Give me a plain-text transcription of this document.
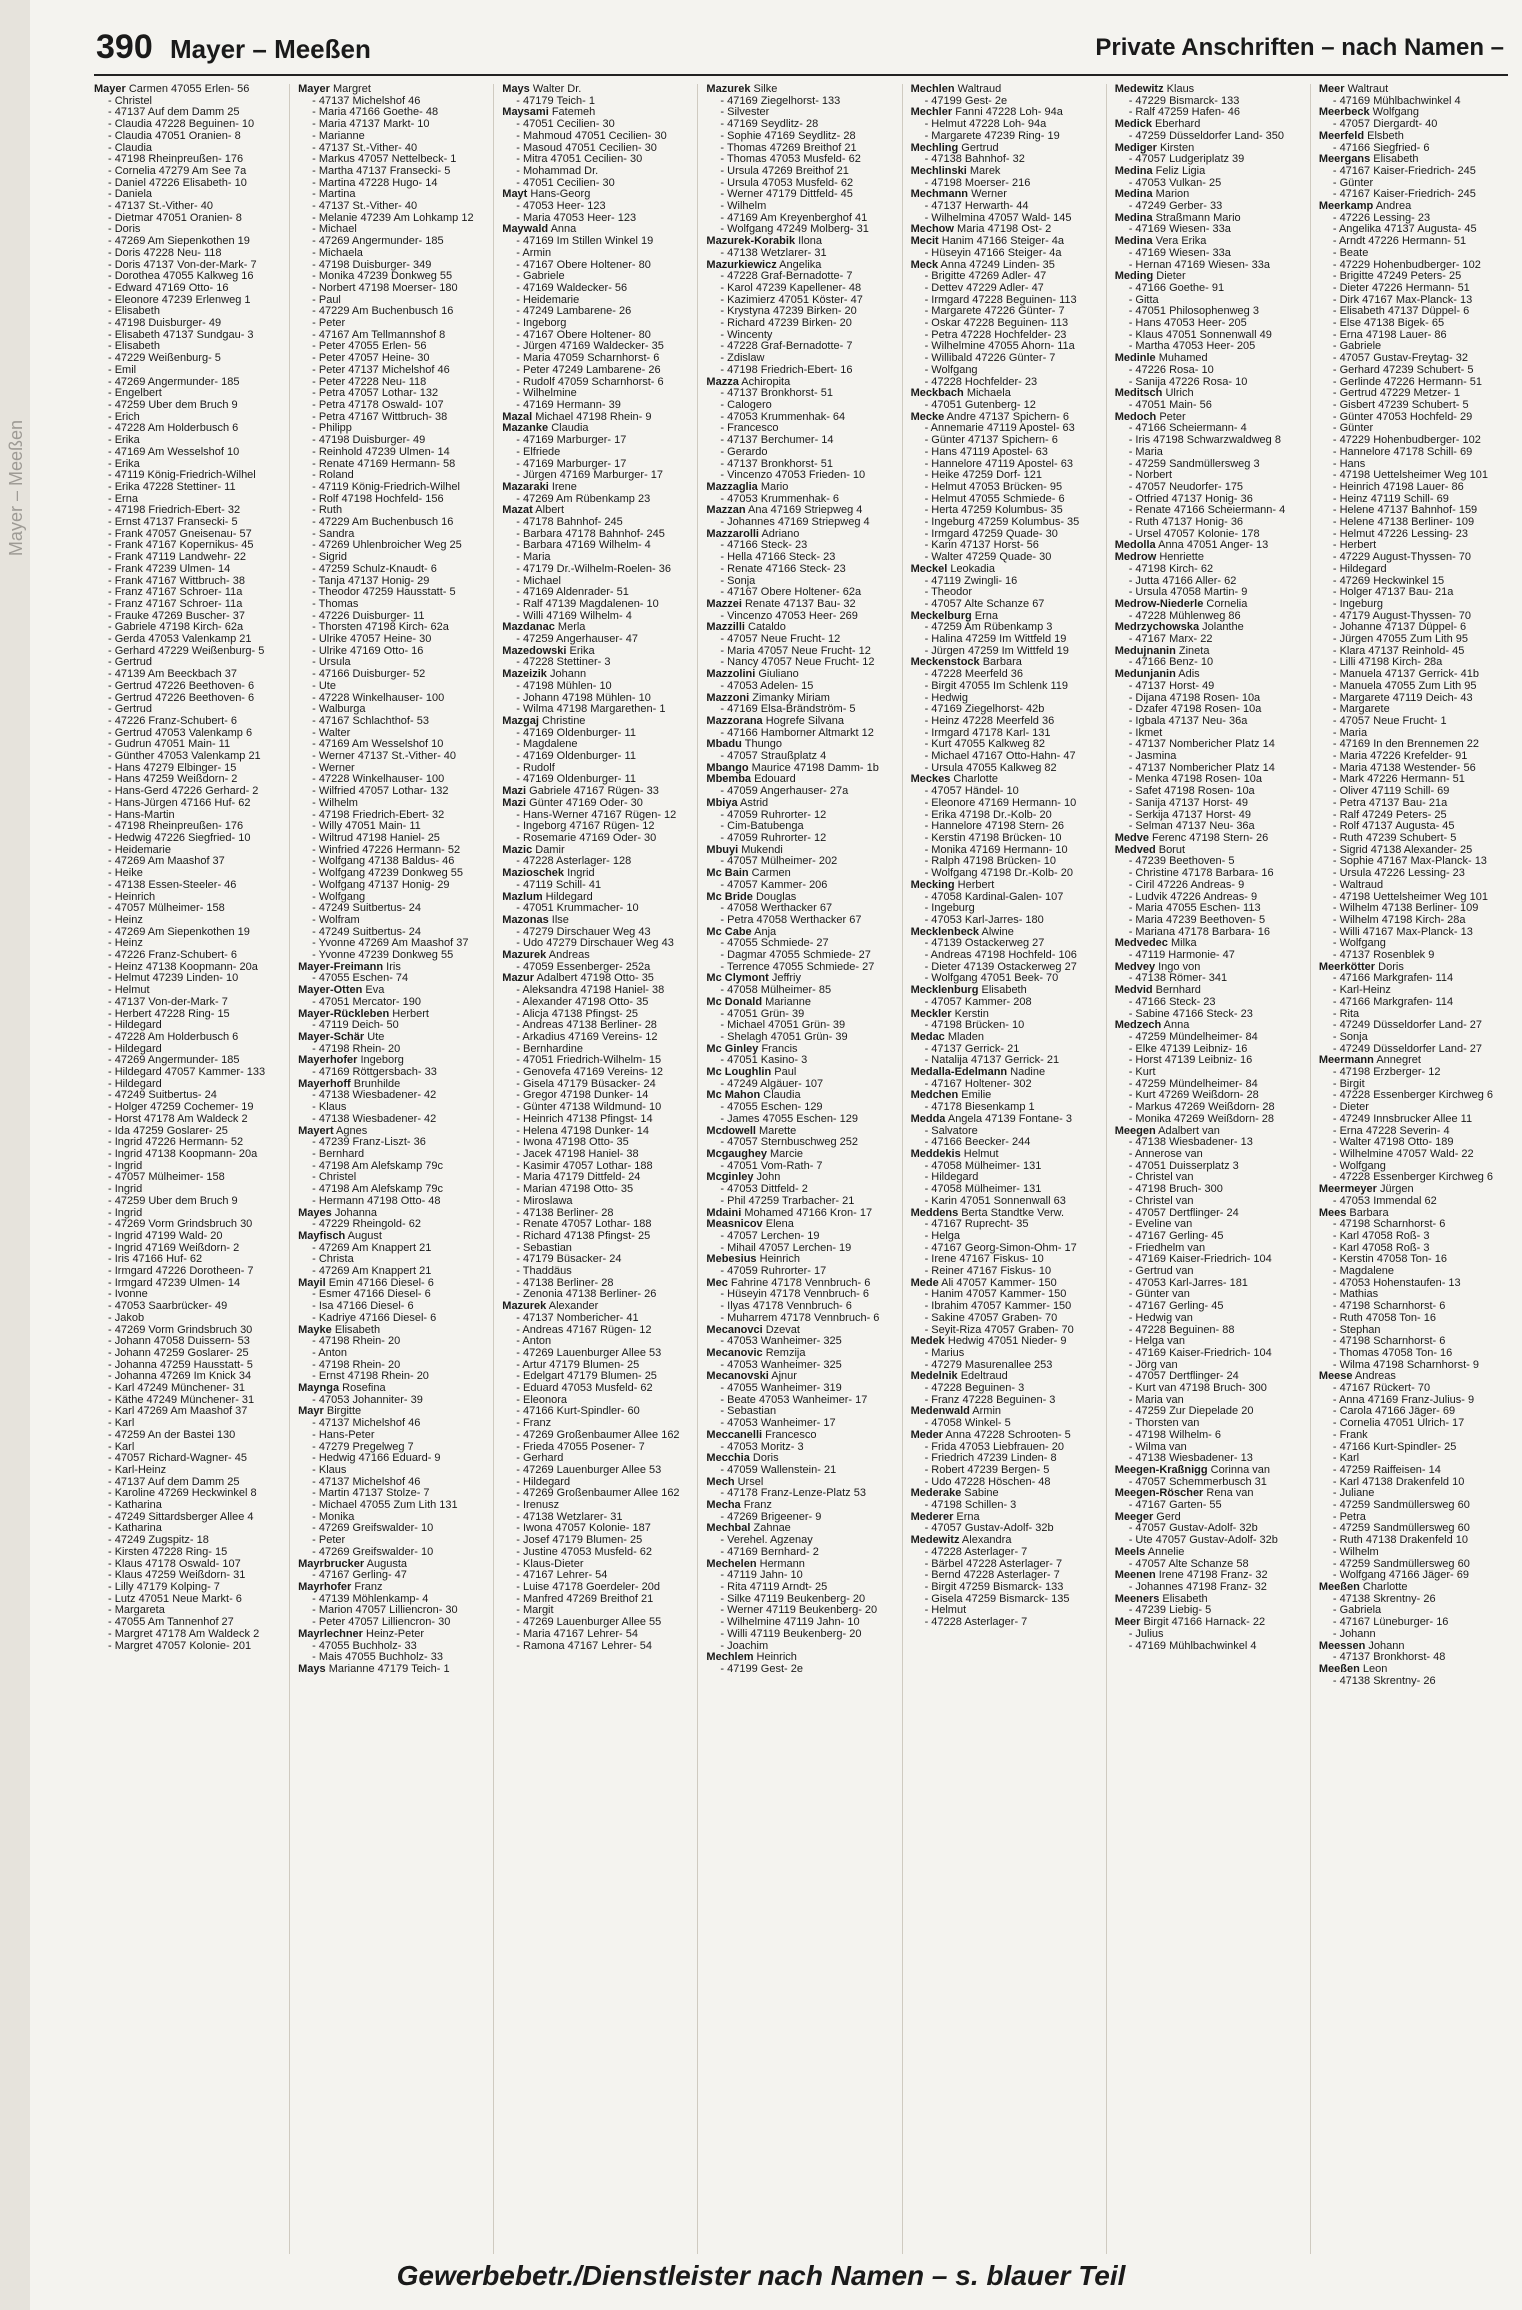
Mayer – Meeßen
390 Mayer – Meeßen	Private Anschriften – nach Namen –
Mayer Carmen 47055 Erlen- 56
- Christel
- 47137 Auf dem Damm 25
- Claudia 47228 Beguinen- 10
- Claudia 47051 Oranien- 8
- Claudia
- 47198 Rheinpreußen- 176
- Cornelia 47279 Am See 7a
- Daniel 47226 Elisabeth- 10
- Daniela
- 47137 St.-Vither- 40
- Dietmar 47051 Oranien- 8
- Doris
- 47269 Am Siepenkothen 19
- Doris 47228 Neu- 118
- Doris 47137 Von-der-Mark- 7
- Dorothea 47055 Kalkweg 16
- Edward 47169 Otto- 16
- Eleonore 47239 Erlenweg 1
- Elisabeth
- 47198 Duisburger- 49
- Elisabeth 47137 Sundgau- 3
- Elisabeth
- 47229 Weißenburg- 5
- Emil
- 47269 Angermunder- 185
- Engelbert
- 47259 Über dem Bruch 9
- Erich
- 47228 Am Holderbusch 6
- Erika
- 47169 Am Wesselshof 10
- Erika
- 47119 König-Friedrich-Wilhel
- Erika 47228 Stettiner- 11
- Erna
- 47198 Friedrich-Ebert- 32
- Ernst 47137 Fransecki- 5
- Frank 47057 Gneisenau- 57
- Frank 47167 Kopernikus- 45
- Frank 47119 Landwehr- 22
- Frank 47239 Ulmen- 14
- Frank 47167 Wittbruch- 38
- Franz 47167 Schroer- 11a
- Franz 47167 Schroer- 11a
- Frauke 47269 Buscher- 37
- Gabriele 47198 Kirch- 62a
- Gerda 47053 Valenkamp 21
- Gerhard 47229 Weißenburg- 5
- Gertrud
- 47139 Am Beeckbach 37
- Gertrud 47226 Beethoven- 6
- Gertrud 47226 Beethoven- 6
- Gertrud
- 47226 Franz-Schubert- 6
- Gertrud 47053 Valenkamp 6
- Gudrun 47051 Main- 11
- Günther 47053 Valenkamp 21
- Hans 47279 Elbinger- 15
- Hans 47259 Weißdorn- 2
- Hans-Gerd 47226 Gerhard- 2
- Hans-Jürgen 47166 Huf- 62
- Hans-Martin
- 47198 Rheinpreußen- 176
- Hedwig 47226 Siegfried- 10
- Heidemarie
- 47269 Am Maashof 37
- Heike
- 47138 Essen-Steeler- 46
- Heinrich
- 47057 Mülheimer- 158
- Heinz
- 47269 Am Siepenkothen 19
- Heinz
- 47226 Franz-Schubert- 6
- Heinz 47138 Koopmann- 20a
- Helmut 47239 Linden- 10
- Helmut
- 47137 Von-der-Mark- 7
- Herbert 47228 Ring- 15
- Hildegard
- 47228 Am Holderbusch 6
- Hildegard
- 47269 Angermunder- 185
- Hildegard 47057 Kammer- 133
- Hildegard
- 47249 Suitbertus- 24
- Holger 47259 Cochemer- 19
- Horst 47178 Am Waldeck 2
- Ida 47259 Goslarer- 25
- Ingrid 47226 Hermann- 52
- Ingrid 47138 Koopmann- 20a
- Ingrid
- 47057 Mülheimer- 158
- Ingrid
- 47259 Über dem Bruch 9
- Ingrid
- 47269 Vorm Grindsbruch 30
- Ingrid 47199 Wald- 20
- Ingrid 47169 Weißdorn- 2
- Iris 47166 Huf- 62
- Irmgard 47226 Dorotheen- 7
- Irmgard 47239 Ulmen- 14
- Ivonne
- 47053 Saarbrücker- 49
- Jakob
- 47269 Vorm Grindsbruch 30
- Johann 47058 Duissern- 53
- Johann 47259 Goslarer- 25
- Johanna 47259 Hausstatt- 5
- Johanna 47269 Im Knick 34
- Karl 47249 Münchener- 31
- Käthe 47249 Münchener- 31
- Karl 47269 Am Maashof 37
- Karl
- 47259 An der Bastei 130
- Karl
- 47057 Richard-Wagner- 45
- Karl-Heinz
- 47137 Auf dem Damm 25
- Karoline 47269 Heckwinkel 8
- Katharina
- 47249 Sittardsberger Allee 4
- Katharina
- 47249 Zugspitz- 18
- Kirsten 47228 Ring- 15
- Klaus 47178 Oswald- 107
- Klaus 47259 Weißdorn- 31
- Lilly 47179 Kolping- 7
- Lutz 47051 Neue Markt- 6
- Margareta
- 47055 Am Tannenhof 27
- Margret 47178 Am Waldeck 2
- Margret 47057 Kolonie- 201
Mayer Margret
- 47137 Michelshof 46
- Maria 47166 Goethe- 48
- Maria 47137 Markt- 10
- Marianne
- 47137 St.-Vither- 40
- Markus 47057 Nettelbeck- 1
- Martha 47137 Fransecki- 5
- Martina 47228 Hugo- 14
- Martina
- 47137 St.-Vither- 40
- Melanie 47239 Am Lohkamp 12
- Michael
- 47269 Angermunder- 185
- Michaela
- 47198 Duisburger- 349
- Monika 47239 Donkweg 55
- Norbert 47198 Moerser- 180
- Paul
- 47229 Am Buchenbusch 16
- Peter
- 47167 Am Tellmannshof 8
- Peter 47055 Erlen- 56
- Peter 47057 Heine- 30
- Peter 47137 Michelshof 46
- Peter 47228 Neu- 118
- Petra 47057 Lothar- 132
- Petra 47178 Oswald- 107
- Petra 47167 Wittbruch- 38
- Philipp
- 47198 Duisburger- 49
- Reinhold 47239 Ulmen- 14
- Renate 47169 Hermann- 58
- Roland
- 47119 König-Friedrich-Wilhel
- Rolf 47198 Hochfeld- 156
- Ruth
- 47229 Am Buchenbusch 16
- Sandra
- 47269 Uhlenbroicher Weg 25
- Sigrid
- 47259 Schulz-Knaudt- 6
- Tanja 47137 Honig- 29
- Theodor 47259 Hausstatt- 5
- Thomas
- 47226 Duisburger- 11
- Thorsten 47198 Kirch- 62a
- Ulrike 47057 Heine- 30
- Ulrike 47169 Otto- 16
- Ursula
- 47166 Duisburger- 52
- Ute
- 47228 Winkelhauser- 100
- Walburga
- 47167 Schlachthof- 53
- Walter
- 47169 Am Wesselshof 10
- Werner 47137 St.-Vither- 40
- Werner
- 47228 Winkelhauser- 100
- Wilfried 47057 Lothar- 132
- Wilhelm
- 47198 Friedrich-Ebert- 32
- Willy 47051 Main- 11
- Wiltrud 47198 Haniel- 25
- Winfried 47226 Hermann- 52
- Wolfgang 47138 Baldus- 46
- Wolfgang 47239 Donkweg 55
- Wolfgang 47137 Honig- 29
- Wolfgang
- 47249 Suitbertus- 24
- Wolfram
- 47249 Suitbertus- 24
- Yvonne 47269 Am Maashof 37
- Yvonne 47239 Donkweg 55
Mayer-Freimann Iris
- 47055 Eschen- 74
Mayer-Otten Eva
- 47051 Mercator- 190
Mayer-Rückleben Herbert
- 47119 Deich- 50
Mayer-Schär Ute
- 47198 Rhein- 20
Mayerhofer Ingeborg
- 47169 Röttgersbach- 33
Mayerhoff Brunhilde
- 47138 Wiesbadener- 42
- Klaus
- 47138 Wiesbadener- 42
Mayert Agnes
- 47239 Franz-Liszt- 36
- Bernhard
- 47198 Am Alefskamp 79c
- Christel
- 47198 Am Alefskamp 79c
- Hermann 47198 Otto- 48
Mayes Johanna
- 47229 Rheingold- 62
Mayfisch August
- 47269 Am Knappert 21
- Christa
- 47269 Am Knappert 21
Mayil Emin 47166 Diesel- 6
- Esmer 47166 Diesel- 6
- Isa 47166 Diesel- 6
- Kadriye 47166 Diesel- 6
Mayke Elisabeth
- 47198 Rhein- 20
- Anton
- 47198 Rhein- 20
- Ernst 47198 Rhein- 20
Maynga Rosefina
- 47053 Johanniter- 39
Mayr Birgitte
- 47137 Michelshof 46
- Hans-Peter
- 47279 Pregelweg 7
- Hedwig 47166 Eduard- 9
- Klaus
- 47137 Michelshof 46
- Martin 47137 Stolze- 7
- Michael 47055 Zum Lith 131
- Monika
- 47269 Greifswalder- 10
- Peter
- 47269 Greifswalder- 10
Mayrbrucker Augusta
- 47167 Gerling- 47
Mayrhofer Franz
- 47139 Möhlenkamp- 4
- Marion 47057 Lilliencron- 30
- Peter 47057 Lilliencron- 30
Mayrlechner Heinz-Peter
- 47055 Buchholz- 33
- Mais 47055 Buchholz- 33
Mays Marianne 47179 Teich- 1
Mays Walter Dr.
- 47179 Teich- 1
Maysami Fatemeh
- 47051 Cecilien- 30
- Mahmoud 47051 Cecilien- 30
- Masoud 47051 Cecilien- 30
- Mitra 47051 Cecilien- 30
- Mohammad Dr.
- 47051 Cecilien- 30
Mayt Hans-Georg
- 47053 Heer- 123
- Maria 47053 Heer- 123
Maywald Anna
- 47169 Im Stillen Winkel 19
- Armin
- 47167 Obere Holtener- 80
- Gabriele
- 47169 Waldecker- 56
- Heidemarie
- 47249 Lambarene- 26
- Ingeborg
- 47167 Obere Holtener- 80
- Jürgen 47169 Waldecker- 35
- Maria 47059 Scharnhorst- 6
- Peter 47249 Lambarene- 26
- Rudolf 47059 Scharnhorst- 6
- Wilhelmine
- 47169 Hermann- 39
Mazal Michael 47198 Rhein- 9
Mazanke Claudia
- 47169 Marburger- 17
- Elfriede
- 47169 Marburger- 17
- Jürgen 47169 Marburger- 17
Mazaraki Irene
- 47269 Am Rübenkamp 23
Mazat Albert
- 47178 Bahnhof- 245
- Barbara 47178 Bahnhof- 245
- Barbara 47169 Wilhelm- 4
- Maria
- 47179 Dr.-Wilhelm-Roelen- 36
- Michael
- 47169 Aldenrader- 51
- Ralf 47139 Magdalenen- 10
- Willi 47169 Wilhelm- 4
Mazdanac Merla
- 47259 Angerhauser- 47
Mazedowski Erika
- 47228 Stettiner- 3
Mazeizik Johann
- 47198 Mühlen- 10
- Johann 47198 Mühlen- 10
- Wilma 47198 Margarethen- 1
Mazgaj Christine
- 47169 Oldenburger- 11
- Magdalene
- 47169 Oldenburger- 11
- Rudolf
- 47169 Oldenburger- 11
Mazi Gabriele 47167 Rügen- 33
Mazi Günter 47169 Oder- 30
- Hans-Werner 47167 Rügen- 12
- Ingeborg 47167 Rügen- 12
- Rosemarie 47169 Oder- 30
Mazic Damir
- 47228 Asterlager- 128
Mazioschek Ingrid
- 47119 Schill- 41
Mazlum Hildegard
- 47051 Krummacher- 10
Mazonas Ilse
- 47279 Dirschauer Weg 43
- Udo 47279 Dirschauer Weg 43
Mazurek Andreas
- 47059 Essenberger- 252a
Mazur Adalbert 47198 Otto- 35
- Aleksandra 47198 Haniel- 38
- Alexander 47198 Otto- 35
- Alicja 47138 Pfingst- 25
- Andreas 47138 Berliner- 28
- Arkadius 47169 Vereins- 12
- Bernhardine
- 47051 Friedrich-Wilhelm- 15
- Genovefa 47169 Vereins- 12
- Gisela 47179 Büsacker- 24
- Gregor 47198 Dunker- 14
- Günter 47138 Wildmund- 10
- Heinrich 47138 Pfingst- 14
- Helena 47198 Dunker- 14
- Iwona 47198 Otto- 35
- Jacek 47198 Haniel- 38
- Kasimir 47057 Lothar- 188
- Maria 47179 Dittfeld- 24
- Marian 47198 Otto- 35
- Miroslawa
- 47138 Berliner- 28
- Renate 47057 Lothar- 188
- Richard 47138 Pfingst- 25
- Sebastian
- 47179 Büsacker- 24
- Thaddäus
- 47138 Berliner- 28
- Zenonia 47138 Berliner- 26
Mazurek Alexander
- 47137 Nombericher- 41
- Andreas 47167 Rügen- 12
- Anton
- 47269 Lauenburger Allee 53
- Artur 47179 Blumen- 25
- Edelgart 47179 Blumen- 25
- Eduard 47053 Musfeld- 62
- Eleonora
- 47166 Kurt-Spindler- 60
- Franz
- 47269 Großenbaumer Allee 162
- Frieda 47055 Posener- 7
- Gerhard
- 47269 Lauenburger Allee 53
- Hildegard
- 47269 Großenbaumer Allee 162
- Irenusz
- 47138 Wetzlarer- 31
- Iwona 47057 Kolonie- 187
- Josef 47179 Blumen- 25
- Justine 47053 Musfeld- 62
- Klaus-Dieter
- 47167 Lehrer- 54
- Luise 47178 Goerdeler- 20d
- Manfred 47269 Breithof 21
- Margit
- 47269 Lauenburger Allee 55
- Maria 47167 Lehrer- 54
- Ramona 47167 Lehrer- 54
Mazurek Silke
- 47169 Ziegelhorst- 133
- Silvester
- 47169 Seydlitz- 28
- Sophie 47169 Seydlitz- 28
- Thomas 47269 Breithof 21
- Thomas 47053 Musfeld- 62
- Ursula 47269 Breithof 21
- Ursula 47053 Musfeld- 62
- Werner 47179 Dittfeld- 45
- Wilhelm
- 47169 Am Kreyenberghof 41
- Wolfgang 47249 Molberg- 31
Mazurek-Korabik Ilona
- 47138 Wetzlarer- 31
Mazurkiewicz Angelika
- 47228 Graf-Bernadotte- 7
- Karol 47239 Kapellener- 48
- Kazimierz 47051 Köster- 47
- Krystyna 47239 Birken- 20
- Richard 47239 Birken- 20
- Wincenty
- 47228 Graf-Bernadotte- 7
- Zdislaw
- 47198 Friedrich-Ebert- 16
Mazza Achiropita
- 47137 Bronkhorst- 51
- Calogero
- 47053 Krummenhak- 64
- Francesco
- 47137 Berchumer- 14
- Gerardo
- 47137 Bronkhorst- 51
- Vincenzo 47053 Frieden- 10
Mazzaglia Mario
- 47053 Krummenhak- 6
Mazzan Ana 47169 Striepweg 4
- Johannes 47169 Striepweg 4
Mazzarolli Adriano
- 47166 Steck- 23
- Hella 47166 Steck- 23
- Renate 47166 Steck- 23
- Sonja
- 47167 Obere Holtener- 62a
Mazzei Renate 47137 Bau- 32
- Vincenzo 47053 Heer- 269
Mazzilli Cataldo
- 47057 Neue Frucht- 12
- Maria 47057 Neue Frucht- 12
- Nancy 47057 Neue Frucht- 12
Mazzolini Giuliano
- 47053 Adelen- 15
Mazzoni Zimanky Miriam
- 47169 Elsa-Brändström- 5
Mazzorana Hogrefe Silvana
- 47166 Hamborner Altmarkt 12
Mbadu Thungo
- 47057 Straußplatz 4
Mbango Maurice 47198 Damm- 1b
Mbemba Edouard
- 47059 Angerhauser- 27a
Mbiya Astrid
- 47059 Ruhrorter- 12
- Cim-Batubenga
- 47059 Ruhrorter- 12
Mbuyi Mukendi
- 47057 Mülheimer- 202
Mc Bain Carmen
- 47057 Kammer- 206
Mc Bride Douglas
- 47058 Werthacker 67
- Petra 47058 Werthacker 67
Mc Cabe Anja
- 47055 Schmiede- 27
- Dagmar 47055 Schmiede- 27
- Terrence 47055 Schmiede- 27
Mc Clymont Jeffriy
- 47058 Mülheimer- 85
Mc Donald Marianne
- 47051 Grün- 39
- Michael 47051 Grün- 39
- Shelagh 47051 Grün- 39
Mc Ginley Francis
- 47051 Kasino- 3
Mc Loughlin Paul
- 47249 Algäuer- 107
Mc Mahon Claudia
- 47055 Eschen- 129
- James 47055 Eschen- 129
Mcdowell Marette
- 47057 Sternbuschweg 252
Mcgaughey Marcie
- 47051 Vom-Rath- 7
Mcginley John
- 47053 Dittfeld- 2
- Phil 47259 Trarbacher- 21
Mdaini Mohamed 47166 Kron- 17
Measnicov Elena
- 47057 Lerchen- 19
- Mihail 47057 Lerchen- 19
Mebesius Heinrich
- 47059 Ruhrorter- 17
Mec Fahrine 47178 Vennbruch- 6
- Hüseyin 47178 Vennbruch- 6
- Ilyas 47178 Vennbruch- 6
- Muharrem 47178 Vennbruch- 6
Mecanovci Dzevat
- 47053 Wanheimer- 325
Mecanovic Remzija
- 47053 Wanheimer- 325
Mecanovski Ajnur
- 47055 Wanheimer- 319
- Beate 47053 Wanheimer- 17
- Sebastian
- 47053 Wanheimer- 17
Meccanelli Francesco
- 47053 Moritz- 3
Mecchia Doris
- 47059 Wallenstein- 21
Mech Ursel
- 47178 Franz-Lenze-Platz 53
Mecha Franz
- 47269 Brigeener- 9
Mechbal Zahnae
- Verehel. Agzenay
- 47169 Bernhard- 2
Mechelen Hermann
- 47119 Jahn- 10
- Rita 47119 Arndt- 25
- Silke 47119 Beukenberg- 20
- Werner 47119 Beukenberg- 20
- Wilhelmine 47119 Jahn- 10
- Willi 47119 Beukenberg- 20
- Joachim
Mechlem Heinrich
- 47199 Gest- 2e
Mechlen Waltraud
- 47199 Gest- 2e
Mechler Fanni 47228 Loh- 94a
- Helmut 47228 Loh- 94a
- Margarete 47239 Ring- 19
Mechling Gertrud
- 47138 Bahnhof- 32
Mechlinski Marek
- 47198 Moerser- 216
Mechmann Werner
- 47137 Herwarth- 44
- Wilhelmina 47057 Wald- 145
Mechow Maria 47198 Ost- 2
Mecit Hanim 47166 Steiger- 4a
- Hüseyin 47166 Steiger- 4a
Meck Anna 47249 Linden- 35
- Brigitte 47269 Adler- 47
- Dettev 47229 Adler- 47
- Irmgard 47228 Beguinen- 113
- Margarete 47226 Günter- 7
- Oskar 47228 Beguinen- 113
- Petra 47228 Hochfelder- 23
- Wilhelmine 47055 Ahorn- 11a
- Willibald 47226 Günter- 7
- Wolfgang
- 47228 Hochfelder- 23
Meckbach Michaela
- 47051 Gutenberg- 12
Mecke Andre 47137 Spichern- 6
- Annemarie 47119 Apostel- 63
- Günter 47137 Spichern- 6
- Hans 47119 Apostel- 63
- Hannelore 47119 Apostel- 63
- Heike 47259 Dorf- 121
- Helmut 47053 Brücken- 95
- Helmut 47055 Schmiede- 6
- Herta 47259 Kolumbus- 35
- Ingeburg 47259 Kolumbus- 35
- Irmgard 47259 Quade- 30
- Karin 47137 Horst- 56
- Walter 47259 Quade- 30
Meckel Leokadia
- 47119 Zwingli- 16
- Theodor
- 47057 Alte Schanze 67
Meckelburg Erna
- 47259 Am Rübenkamp 3
- Halina 47259 Im Wittfeld 19
- Jürgen 47259 Im Wittfeld 19
Meckenstock Barbara
- 47228 Meerfeld 36
- Birgit 47055 Im Schlenk 119
- Hedwig
- 47169 Ziegelhorst- 42b
- Heinz 47228 Meerfeld 36
- Irmgard 47178 Karl- 131
- Kurt 47055 Kalkweg 82
- Michael 47167 Otto-Hahn- 47
- Ursula 47055 Kalkweg 82
Meckes Charlotte
- 47057 Händel- 10
- Eleonore 47169 Hermann- 10
- Erika 47198 Dr.-Kolb- 20
- Hannelore 47198 Stern- 26
- Kerstin 47198 Brücken- 10
- Monika 47169 Hermann- 10
- Ralph 47198 Brücken- 10
- Wolfgang 47198 Dr.-Kolb- 20
Mecking Herbert
- 47058 Kardinal-Galen- 107
- Ingeburg
- 47053 Karl-Jarres- 180
Mecklenbeck Alwine
- 47139 Ostackerweg 27
- Andreas 47198 Hochfeld- 106
- Dieter 47139 Ostackerweg 27
- Wolfgang 47051 Beek- 70
Mecklenburg Elisabeth
- 47057 Kammer- 208
Meckler Kerstin
- 47198 Brücken- 10
Medac Mladen
- 47137 Gerrick- 21
- Natalija 47137 Gerrick- 21
Medalla-Edelmann Nadine
- 47167 Holtener- 302
Medchen Emilie
- 47178 Biesenkamp 1
Medda Angela 47139 Fontane- 3
- Salvatore
- 47166 Beecker- 244
Meddekis Helmut
- 47058 Mülheimer- 131
- Hildegard
- 47058 Mülheimer- 131
- Karin 47051 Sonnenwall 63
Meddens Berta Standtke Verw.
- 47167 Ruprecht- 35
- Helga
- 47167 Georg-Simon-Ohm- 17
- Irene 47167 Fiskus- 10
- Reiner 47167 Fiskus- 10
Mede Ali 47057 Kammer- 150
- Hanim 47057 Kammer- 150
- Ibrahim 47057 Kammer- 150
- Sakine 47057 Graben- 70
- Seyit-Riza 47057 Graben- 70
Medek Hedwig 47051 Nieder- 9
- Marius
- 47279 Masurenallee 253
Medelnik Edeltraud
- 47228 Beguinen- 3
- Franz 47228 Beguinen- 3
Medenwald Armin
- 47058 Winkel- 5
Meder Anna 47228 Schrooten- 5
- Frida 47053 Liebfrauen- 20
- Friedrich 47239 Linden- 8
- Robert 47239 Bergen- 5
- Udo 47228 Höschen- 48
Mederake Sabine
- 47198 Schillen- 3
Mederer Erna
- 47057 Gustav-Adolf- 32b
Medewitz Alexandra
- 47228 Asterlager- 7
- Bärbel 47228 Asterlager- 7
- Bernd 47228 Asterlager- 7
- Birgit 47259 Bismarck- 133
- Gisela 47259 Bismarck- 135
- Helmut
- 47228 Asterlager- 7
Medewitz Klaus
- 47229 Bismarck- 133
- Ralf 47259 Hafen- 46
Medick Eberhard
- 47259 Düsseldorfer Land- 350
Mediger Kirsten
- 47057 Ludgeriplatz 39
Medina Feliz Ligia
- 47053 Vulkan- 25
Medina Marion
- 47249 Gerber- 33
Medina Straßmann Mario
- 47169 Wiesen- 33a
Medina Vera Erika
- 47169 Wiesen- 33a
- Hernan 47169 Wiesen- 33a
Meding Dieter
- 47166 Goethe- 91
- Gitta
- 47051 Philosophenweg 3
- Hans 47053 Heer- 205
- Klaus 47051 Sonnenwall 49
- Martha 47053 Heer- 205
Medinle Muhamed
- 47226 Rosa- 10
- Sanija 47226 Rosa- 10
Meditsch Ulrich
- 47051 Main- 56
Medoch Peter
- 47166 Scheiermann- 4
- Iris 47198 Schwarzwaldweg 8
- Maria
- 47259 Sandmüllersweg 3
- Norbert
- 47057 Neudorfer- 175
- Otfried 47137 Honig- 36
- Renate 47166 Scheiermann- 4
- Ruth 47137 Honig- 36
- Ursel 47057 Kolonie- 178
Medolla Anna 47051 Anger- 13
Medrow Henriette
- 47198 Kirch- 62
- Jutta 47166 Aller- 62
- Ursula 47058 Martin- 9
Medrow-Niederle Cornelia
- 47228 Mühlenweg 86
Medrzychowska Jolanthe
- 47167 Marx- 22
Medujnanin Zineta
- 47166 Benz- 10
Medunjanin Adis
- 47137 Horst- 49
- Dijana 47198 Rosen- 10a
- Dzafer 47198 Rosen- 10a
- Igbala 47137 Neu- 36a
- Ikmet
- 47137 Nombericher Platz 14
- Jasmina
- 47137 Nombericher Platz 14
- Menka 47198 Rosen- 10a
- Safet 47198 Rosen- 10a
- Sanija 47137 Horst- 49
- Serkija 47137 Horst- 49
- Selman 47137 Neu- 36a
Medve Ferenc 47198 Stern- 26
Medved Borut
- 47239 Beethoven- 5
- Christine 47178 Barbara- 16
- Ciril 47226 Andreas- 9
- Ludvik 47226 Andreas- 9
- Maria 47055 Eschen- 113
- Maria 47239 Beethoven- 5
- Mariana 47178 Barbara- 16
Medvedec Milka
- 47119 Harmonie- 47
Medvey Ingo von
- 47138 Römer- 341
Medvid Bernhard
- 47166 Steck- 23
- Sabine 47166 Steck- 23
Medzech Anna
- 47259 Mündelheimer- 84
- Elke 47139 Leibniz- 16
- Horst 47139 Leibniz- 16
- Kurt
- 47259 Mündelheimer- 84
- Kurt 47269 Weißdorn- 28
- Markus 47269 Weißdorn- 28
- Monika 47269 Weißdorn- 28
Meegen Adalbert van
- 47138 Wiesbadener- 13
- Annerose van
- 47051 Duisserplatz 3
- Christel van
- 47198 Bruch- 300
- Christel van
- 47057 Dertflinger- 24
- Eveline van
- 47167 Gerling- 45
- Friedhelm van
- 47169 Kaiser-Friedrich- 104
- Gertrud van
- 47053 Karl-Jarres- 181
- Günter van
- 47167 Gerling- 45
- Hedwig van
- 47228 Beguinen- 88
- Helga van
- 47169 Kaiser-Friedrich- 104
- Jörg van
- 47057 Dertflinger- 24
- Kurt van 47198 Bruch- 300
- Maria van
- 47259 Zur Diepelade 20
- Thorsten van
- 47198 Wilhelm- 6
- Wilma van
- 47138 Wiesbadener- 13
Meegen-Kraßnigg Corinna van
- 47057 Schemmerbusch 31
Meegen-Röscher Rena van
- 47167 Garten- 55
Meeger Gerd
- 47057 Gustav-Adolf- 32b
- Ute 47057 Gustav-Adolf- 32b
Meels Annelie
- 47057 Alte Schanze 58
Meenen Irene 47198 Franz- 32
- Johannes 47198 Franz- 32
Meeners Elisabeth
- 47239 Liebig- 5
Meer Birgit 47166 Harnack- 22
- Julius
- 47169 Mühlbachwinkel 4
Meer Waltraut
- 47169 Mühlbachwinkel 4
Meerbeck Wolfgang
- 47057 Diergardt- 40
Meerfeld Elsbeth
- 47166 Siegfried- 6
Meergans Elisabeth
- 47167 Kaiser-Friedrich- 245
- Günter
- 47167 Kaiser-Friedrich- 245
Meerkamp Andrea
- 47226 Lessing- 23
- Angelika 47137 Augusta- 45
- Arndt 47226 Hermann- 51
- Beate
- 47229 Hohenbudberger- 102
- Brigitte 47249 Peters- 25
- Dieter 47226 Hermann- 51
- Dirk 47167 Max-Planck- 13
- Elisabeth 47137 Düppel- 6
- Else 47138 Bigek- 65
- Erna 47198 Lauer- 86
- Gabriele
- 47057 Gustav-Freytag- 32
- Gerhard 47239 Schubert- 5
- Gerlinde 47226 Hermann- 51
- Gertrud 47229 Metzer- 1
- Gisbert 47239 Schubert- 5
- Günter 47053 Hochfeld- 29
- Günter
- 47229 Hohenbudberger- 102
- Hannelore 47178 Schill- 69
- Hans
- 47198 Uettelsheimer Weg 101
- Heinrich 47198 Lauer- 86
- Heinz 47119 Schill- 69
- Helene 47137 Bahnhof- 159
- Helene 47138 Berliner- 109
- Helmut 47226 Lessing- 23
- Herbert
- 47229 August-Thyssen- 70
- Hildegard
- 47269 Heckwinkel 15
- Holger 47137 Bau- 21a
- Ingeburg
- 47179 August-Thyssen- 70
- Johanne 47137 Düppel- 6
- Jürgen 47055 Zum Lith 95
- Klara 47137 Reinhold- 45
- Lilli 47198 Kirch- 28a
- Manuela 47137 Gerrick- 41b
- Manuela 47055 Zum Lith 95
- Margarete 47119 Deich- 43
- Margarete
- 47057 Neue Frucht- 1
- Maria
- 47169 In den Brennemen 22
- Maria 47226 Krefelder- 91
- Maria 47138 Westender- 56
- Mark 47226 Hermann- 51
- Oliver 47119 Schill- 69
- Petra 47137 Bau- 21a
- Ralf 47249 Peters- 25
- Rolf 47137 Augusta- 45
- Ruth 47239 Schubert- 5
- Sigrid 47138 Alexander- 25
- Sophie 47167 Max-Planck- 13
- Ursula 47226 Lessing- 23
- Waltraud
- 47198 Uettelsheimer Weg 101
- Wilhelm 47138 Berliner- 109
- Wilhelm 47198 Kirch- 28a
- Willi 47167 Max-Planck- 13
- Wolfgang
- 47137 Rosenblek 9
Meerkötter Doris
- 47166 Markgrafen- 114
- Karl-Heinz
- 47166 Markgrafen- 114
- Rita
- 47249 Düsseldorfer Land- 27
- Sonja
- 47249 Düsseldorfer Land- 27
Meermann Annegret
- 47198 Erzberger- 12
- Birgit
- 47228 Essenberger Kirchweg 6
- Dieter
- 47249 Innsbrucker Allee 11
- Erna 47228 Severin- 4
- Walter 47198 Otto- 189
- Wilhelmine 47057 Wald- 22
- Wolfgang
- 47228 Essenberger Kirchweg 6
Meermeyer Jürgen
- 47053 Immendal 62
Mees Barbara
- 47198 Scharnhorst- 6
- Karl 47058 Roß- 3
- Karl 47058 Roß- 3
- Kerstin 47058 Ton- 16
- Magdalene
- 47053 Hohenstaufen- 13
- Mathias
- 47198 Scharnhorst- 6
- Ruth 47058 Ton- 16
- Stephan
- 47198 Scharnhorst- 6
- Thomas 47058 Ton- 16
- Wilma 47198 Scharnhorst- 9
Meese Andreas
- 47167 Rückert- 70
- Anna 47169 Franz-Julius- 9
- Carola 47166 Jäger- 69
- Cornelia 47051 Ulrich- 17
- Frank
- 47166 Kurt-Spindler- 25
- Karl
- 47259 Raiffeisen- 14
- Karl 47138 Drakenfeld 10
- Juliane
- 47259 Sandmüllersweg 60
- Petra
- 47259 Sandmüllersweg 60
- Ruth 47138 Drakenfeld 10
- Wilhelm
- 47259 Sandmüllersweg 60
- Wolfgang 47166 Jäger- 69
Meeßen Charlotte
- 47138 Skrentny- 26
- Gabriela
- 47167 Lüneburger- 16
- Johann
Meessen Johann
- 47137 Bronkhorst- 48
Meeßen Leon
- 47138 Skrentny- 26
Gewerbebetr./Dienstleister nach Namen – s. blauer Teil
